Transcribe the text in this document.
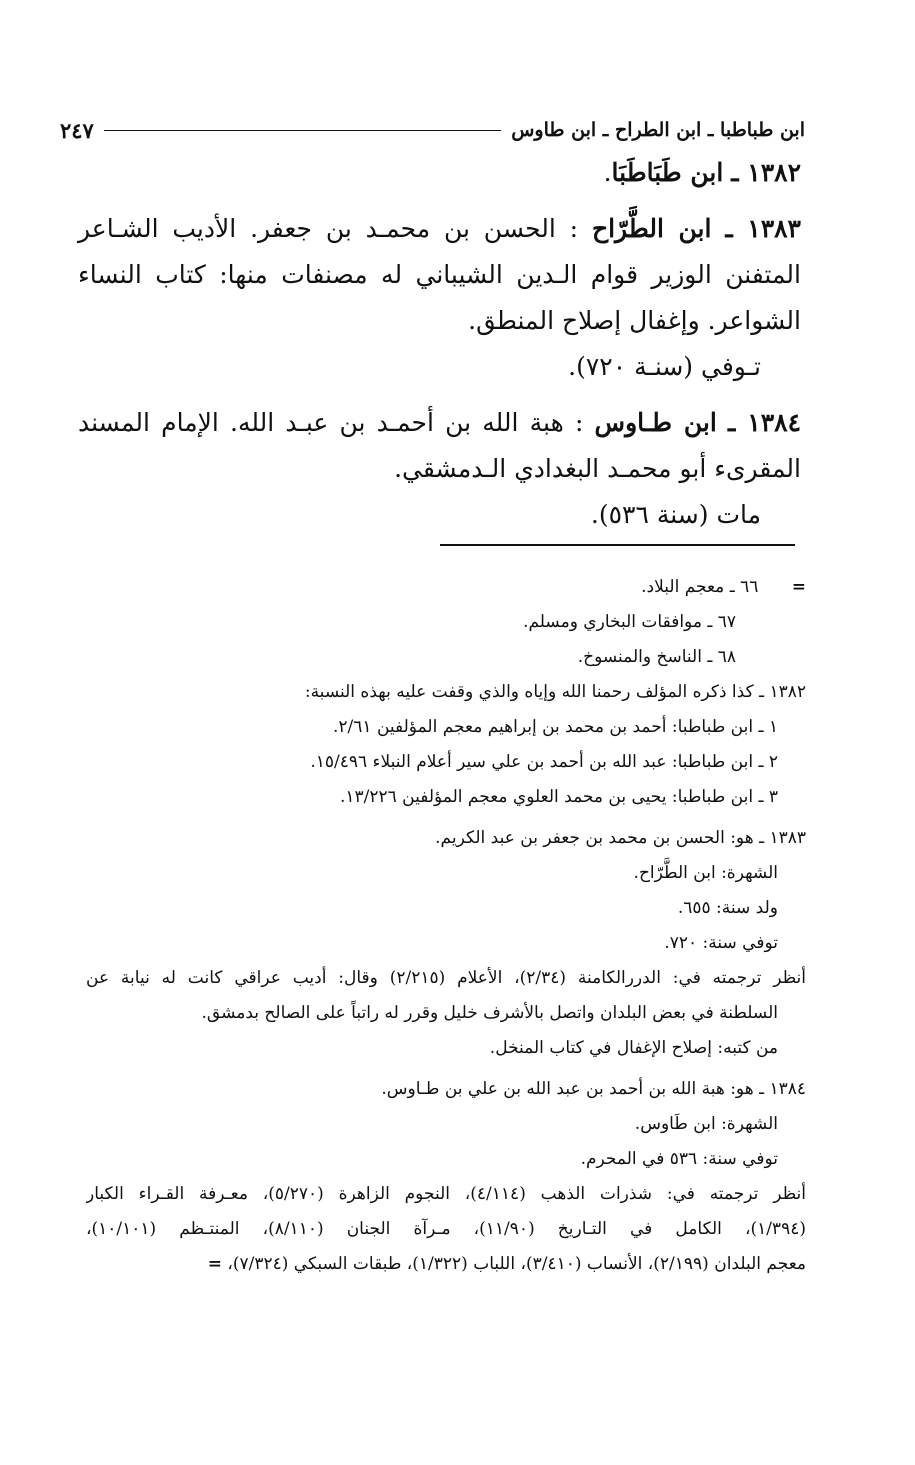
ابن طباطبا ـ ابن الطراح ـ ابن طاوس
٢٤٧
١٣٨٢ ـ ابن طَبَاطَبَا.
١٣٨٣ ـ ابن الطَّرّاح : الحسن بن محمـد بن جعفر. الأديب الشـاعر المتفنن الوزير قوام الـدين الشيباني له مصنفات منها: كتاب النساء الشواعر. وإغفال إصلاح المنطق.
تـوفي (سنـة ٧٢٠).
١٣٨٤ ـ ابن طـاوس : هبة الله بن أحمـد بن عبـد الله. الإمام المسند المقرىء أبو محمـد البغدادي الـدمشقي.
مات (سنة ٥٣٦).
= ٦٦ ـ معجم البلاد.
٦٧ ـ موافقات البخاري ومسلم.
٦٨ ـ الناسخ والمنسوخ.
١٣٨٢ ـ كذا ذكره المؤلف رحمنا الله وإياه والذي وقفت عليه بهذه النسبة:
١ ـ ابن طباطبا: أحمد بن محمد بن إبراهيم معجم المؤلفين ٢/٦١.
٢ ـ ابن طباطبا: عبد الله بن أحمد بن علي سير أعلام النبلاء ١٥/٤٩٦.
٣ ـ ابن طباطبا: يحيى بن محمد العلوي معجم المؤلفين ١٣/٢٢٦.
١٣٨٣ ـ هو: الحسن بن محمد بن جعفر بن عبد الكريم.
الشهرة: ابن الطَّرّاح.
ولد سنة: ٦٥٥.
توفي سنة: ٧٢٠.
أنظر ترجمته في: الدررالكامنة (٢/٣٤)، الأعلام (٢/٢١٥) وقال: أديب عراقي كانت له نيابة عن
السلطنة في بعض البلدان واتصل بالأشرف خليل وقرر له راتباً على الصالح بدمشق.
من كتبه: إصلاح الإغفال في كتاب المنخل.
١٣٨٤ ـ هو: هبة الله بن أحمد بن عبد الله بن علي بن طـاوس.
الشهرة: ابن طَاوس.
توفي سنة: ٥٣٦ في المحرم.
أنظر ترجمته في: شذرات الذهب (٤/١١٤)، النجوم الزاهرة (٥/٢٧٠)، معـرفة القـراء الكبار
(١/٣٩٤)، الكامل في التـاريخ (١١/٩٠)، مـرآة الجنان (٨/١١٠)، المنتـظم (١٠/١٠١)،
معجم البلدان (٢/١٩٩)، الأنساب (٣/٤١٠)، اللباب (١/٣٢٢)، طبقات السبكي (٧/٣٢٤)، =
